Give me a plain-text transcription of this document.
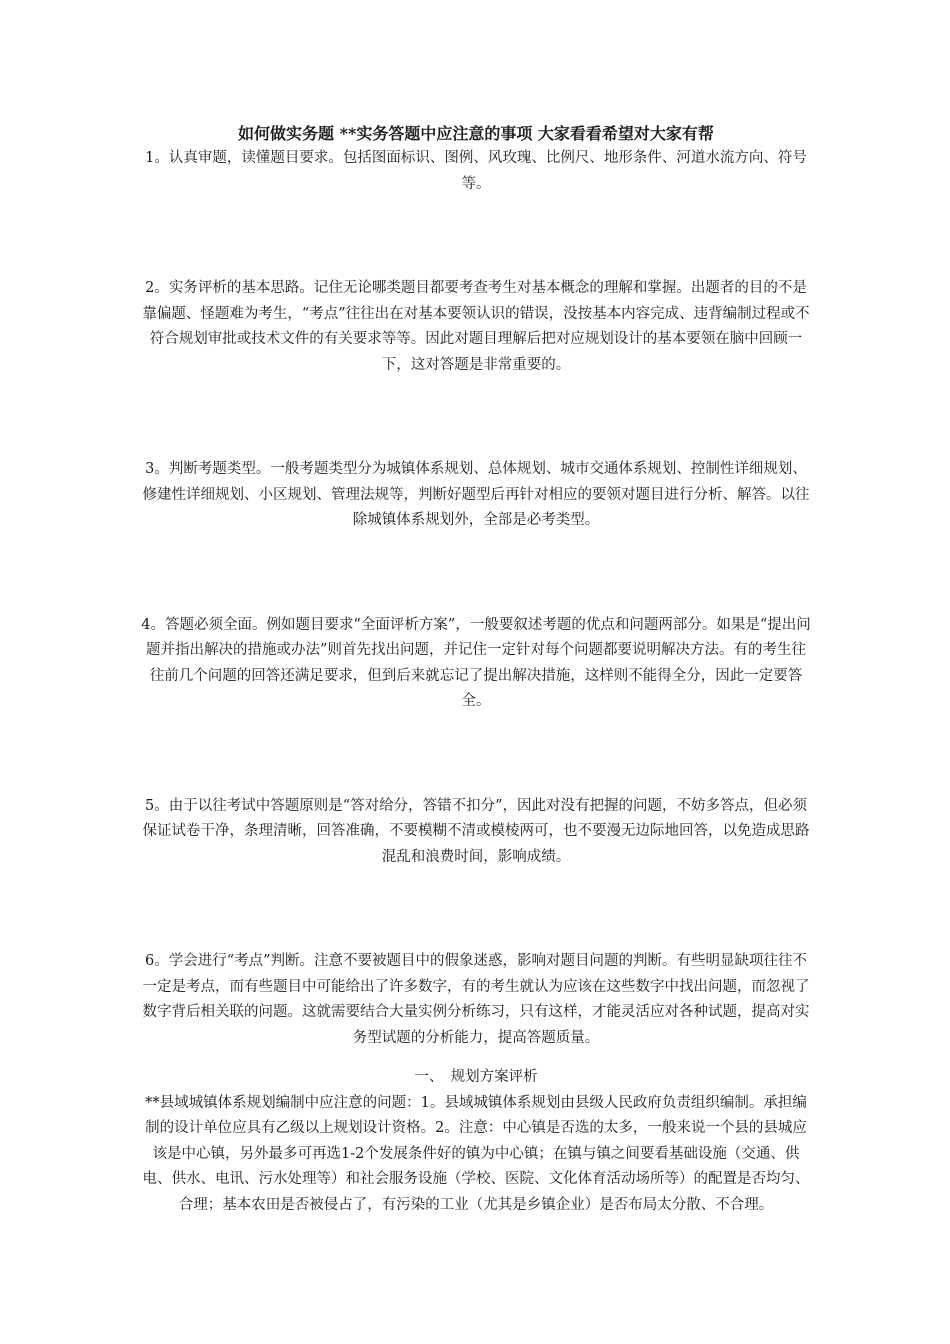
如何做实务题 **实务答题中应注意的事项 大家看看希望对大家有帮

1。认真审题，读懂题目要求。包括图面标识、图例、风玫瑰、比例尺、地形条件、河道水流方向、符号等。

2。实务评析的基本思路。记住无论哪类题目都要考查考生对基本概念的理解和掌握。出题者的目的不是靠偏题、怪题难为考生，“考点”往往出在对基本要领认识的错误，没按基本内容完成、违背编制过程或不符合规划审批或技术文件的有关要求等等。因此对题目理解后把对应规划设计的基本要领在脑中回顾一下，这对答题是非常重要的。

3。判断考题类型。一般考题类型分为城镇体系规划、总体规划、城市交通体系规划、控制性详细规划、修建性详细规划、小区规划、管理法规等，判断好题型后再针对相应的要领对题目进行分析、解答。以往除城镇体系规划外，全部是必考类型。

4。答题必须全面。例如题目要求“全面评析方案”，一般要叙述考题的优点和问题两部分。如果是“提出问题并指出解决的措施或办法”则首先找出问题，并记住一定针对每个问题都要说明解决方法。有的考生往往前几个问题的回答还满足要求，但到后来就忘记了提出解决措施，这样则不能得全分，因此一定要答全。

5。由于以往考试中答题原则是“答对给分，答错不扣分”，因此对没有把握的问题，不妨多答点，但必须保证试卷干净，条理清晰，回答准确，不要模糊不清或模棱两可，也不要漫无边际地回答，以免造成思路混乱和浪费时间，影响成绩。

6。学会进行“考点”判断。注意不要被题目中的假象迷惑，影响对题目问题的判断。有些明显缺项往往不一定是考点，而有些题目中可能给出了许多数字，有的考生就认为应该在这些数字中找出问题，而忽视了数字背后相关联的问题。这就需要结合大量实例分析练习，只有这样，才能灵活应对各种试题，提高对实务型试题的分析能力，提高答题质量。

一、　规划方案评析

**县域城镇体系规划编制中应注意的问题：1。县域城镇体系规划由县级人民政府负责组织编制。承担编制的设计单位应具有乙级以上规划设计资格。2。注意：中心镇是否选的太多，一般来说一个县的县城应该是中心镇，另外最多可再选1-2个发展条件好的镇为中心镇；在镇与镇之间要看基础设施（交通、供电、供水、电讯、污水处理等）和社会服务设施（学校、医院、文化体育活动场所等）的配置是否均匀、合理；基本农田是否被侵占了，有污染的工业（尤其是乡镇企业）是否布局太分散、不合理。
